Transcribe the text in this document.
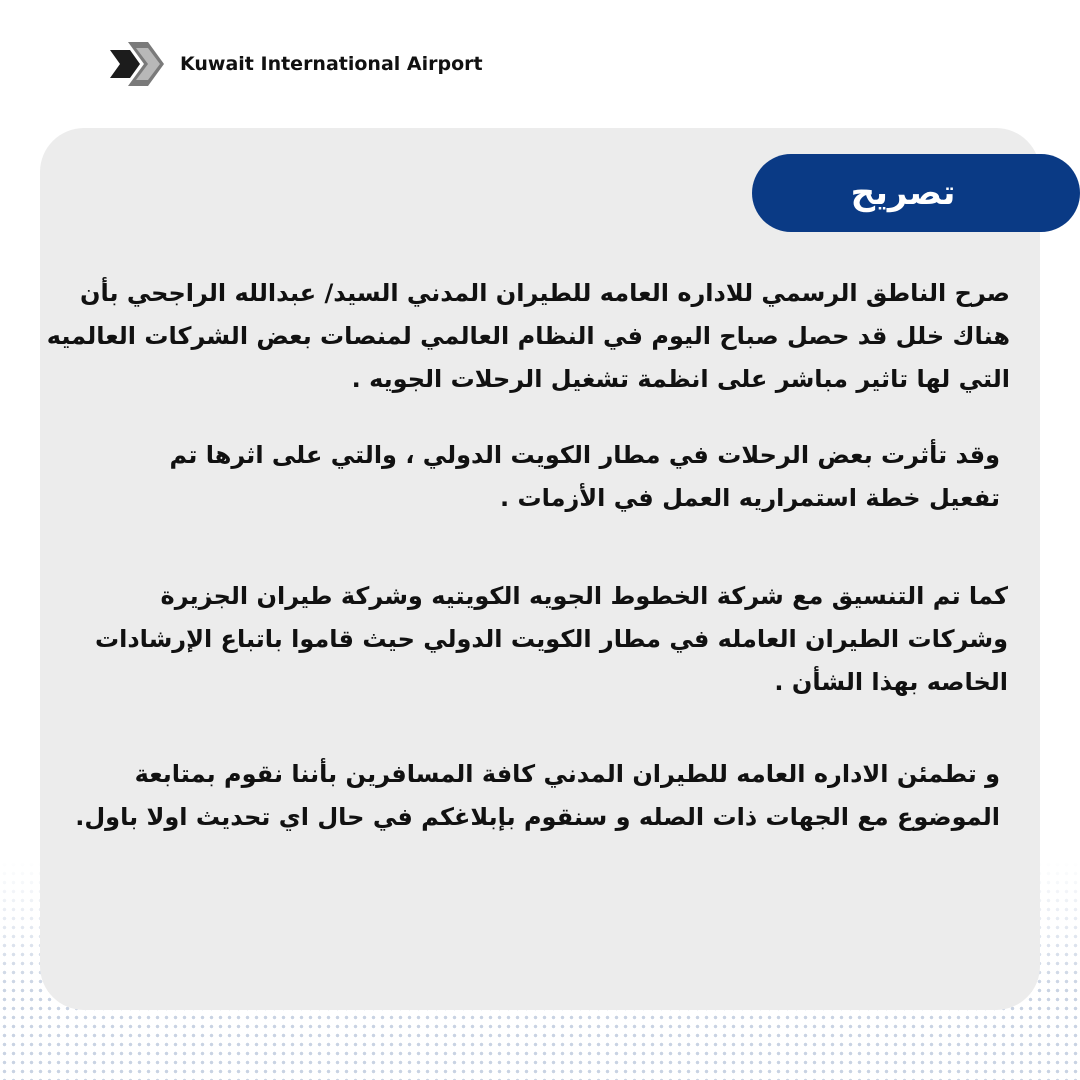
Kuwait International Airport
تصريح

صرح الناطق الرسمي للاداره العامه للطيران المدني السيد/ عبدالله الراجحي بأن هناك خلل قد حصل صباح اليوم في النظام العالمي لمنصات بعض الشركات العالميه التي لها تاثير مباشر على انظمة تشغيل الرحلات الجويه .

وقد تأثرت بعض الرحلات في مطار الكويت الدولي ، والتي على اثرها تم تفعيل خطة استمراريه العمل في الأزمات .

كما تم التنسيق مع شركة الخطوط الجويه الكويتيه وشركة طيران الجزيرة وشركات الطيران العامله في مطار الكويت الدولي حيث قاموا باتباع الإرشادات الخاصه بهذا الشأن .

و تطمئن الاداره العامه للطيران المدني كافة المسافرين بأننا نقوم بمتابعة الموضوع مع الجهات ذات الصله و سنقوم بإبلاغكم في حال اي تحديث اولا باول.
